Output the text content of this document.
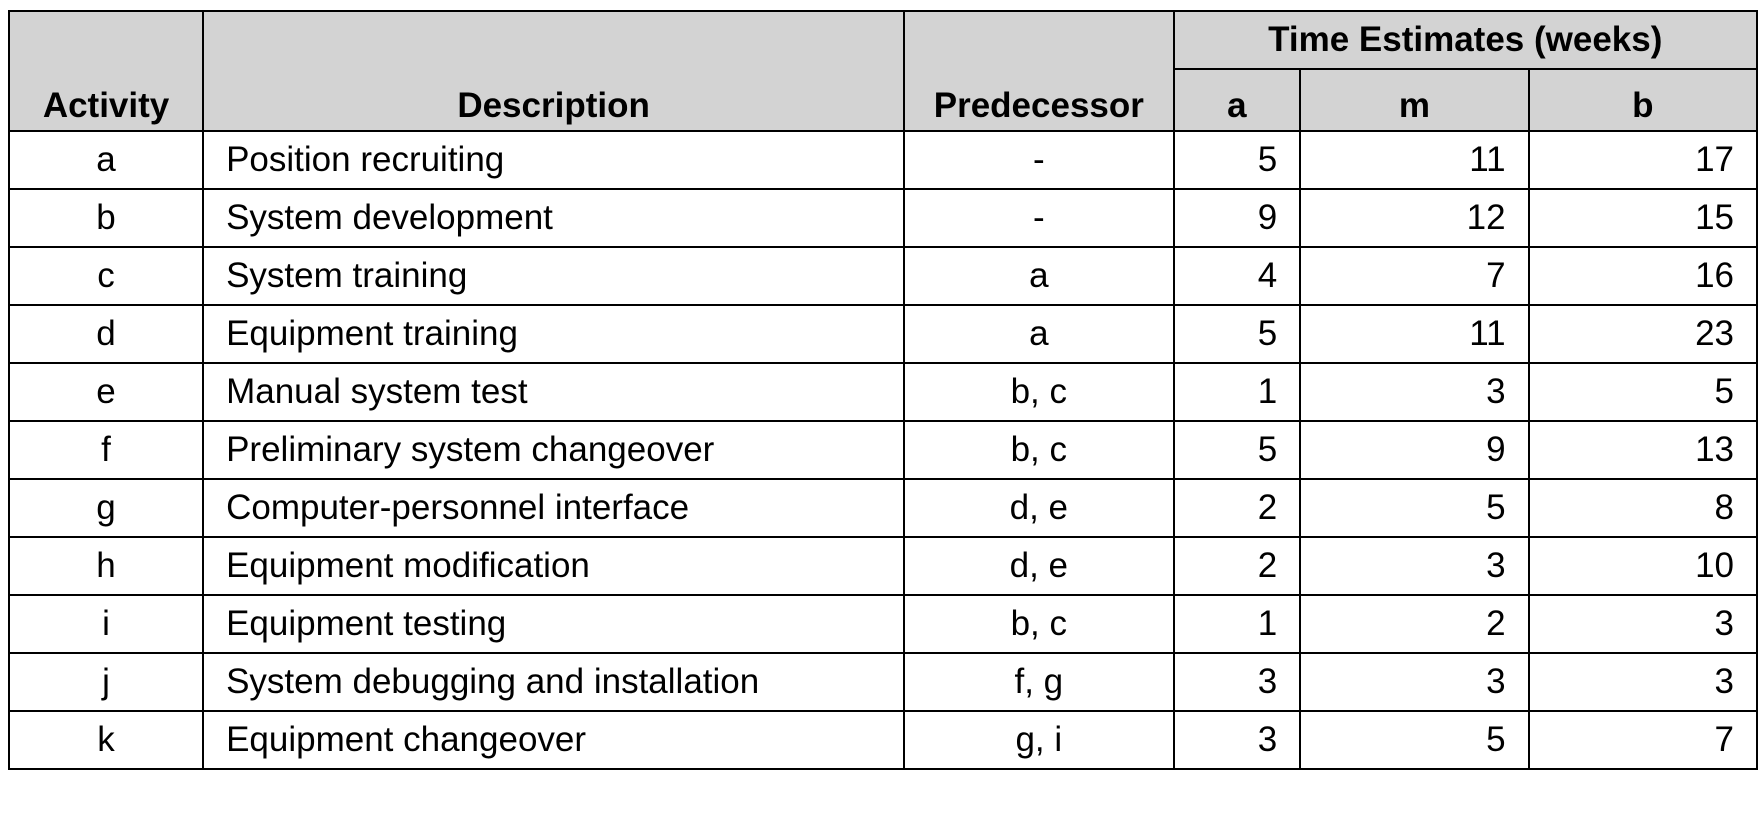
Activity	Description	Predecessor	Time Estimates (weeks)		
			a	m	b
a	Position recruiting	-	5	11	17
b	System development	-	9	12	15
c	System training	a	4	7	16
d	Equipment training	a	5	11	23
e	Manual system test	b, c	1	3	5
f	Preliminary system changeover	b, c	5	9	13
g	Computer-personnel interface	d, e	2	5	8
h	Equipment modification	d, e	2	3	10
i	Equipment testing	b, c	1	2	3
j	System debugging and installation	f, g	3	3	3
k	Equipment changeover	g, i	3	5	7
